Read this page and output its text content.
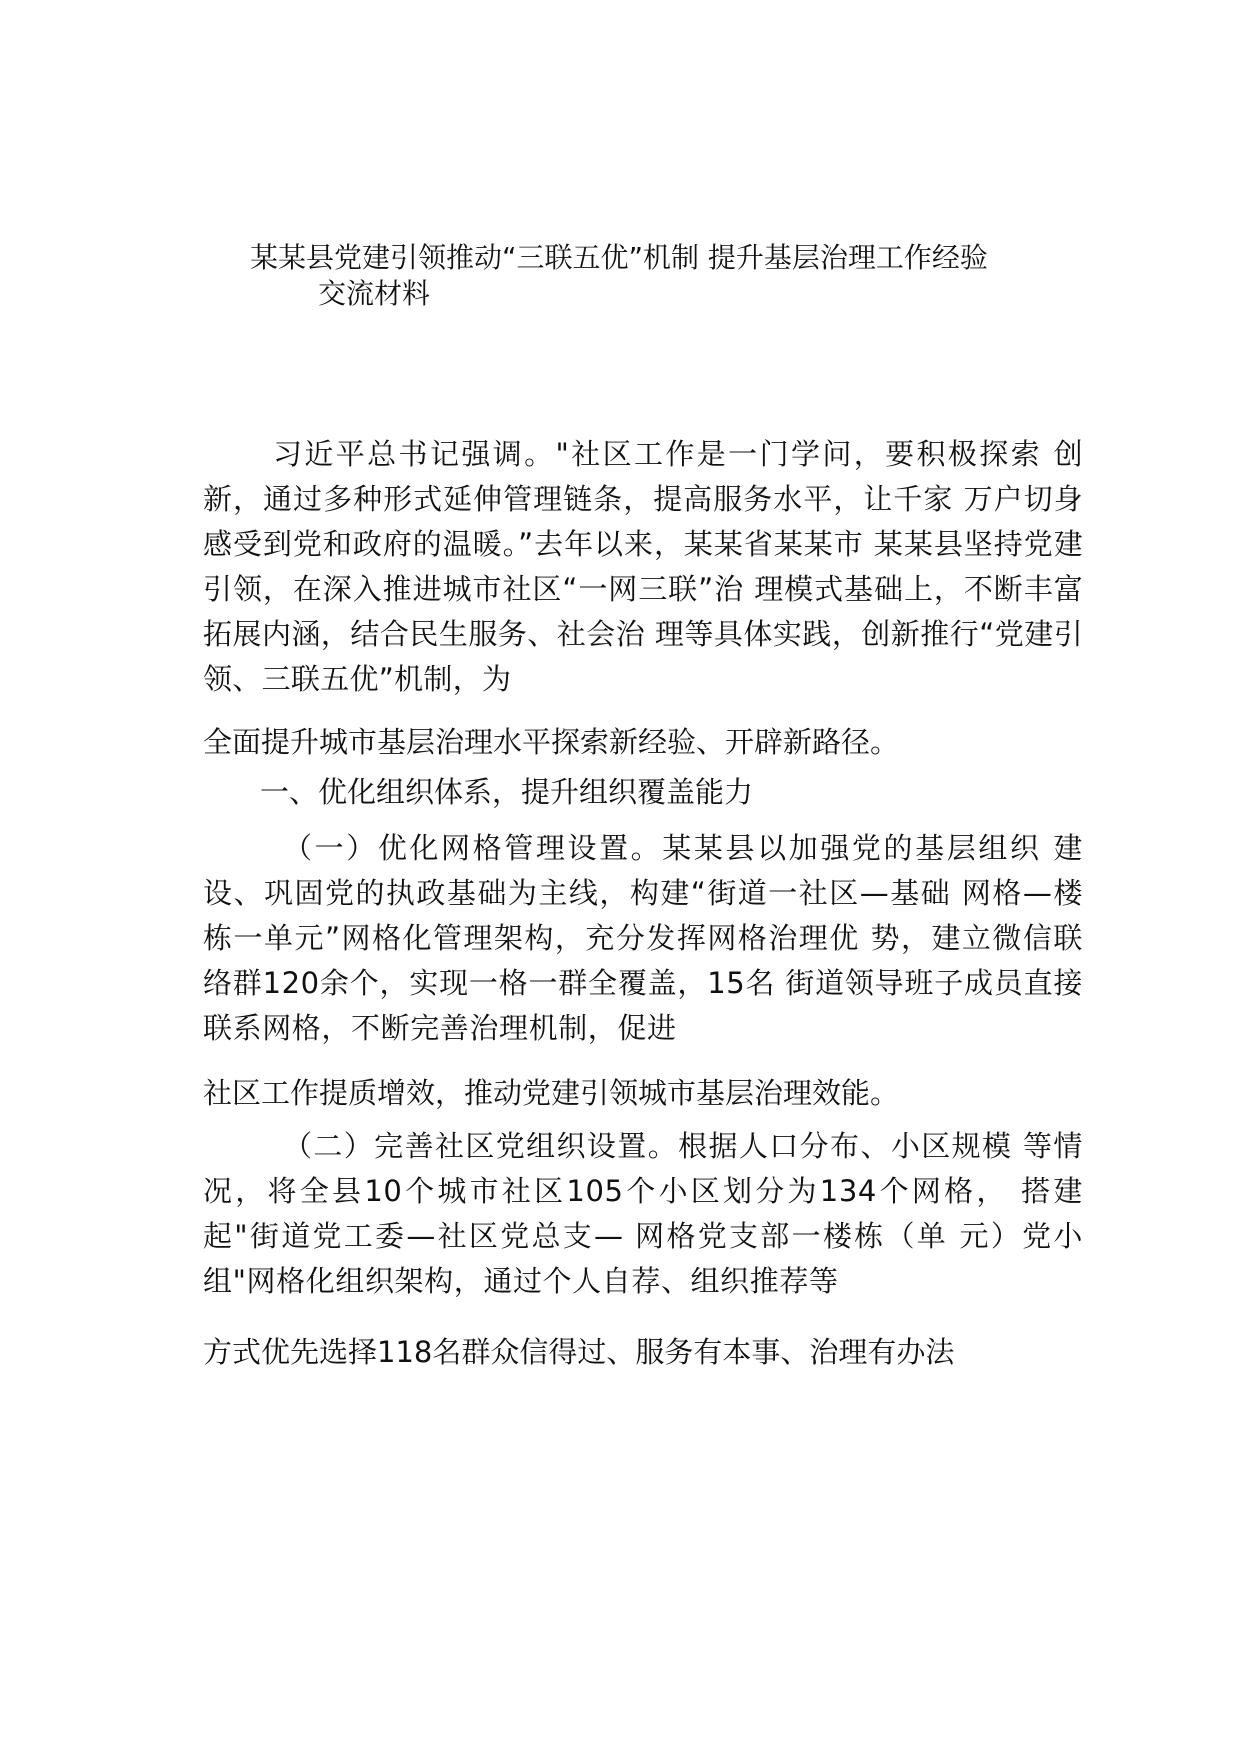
某某县党建引领推动“三联五优”机制 提升基层治理工作经验
交流材料

习近平总书记强调。"社区工作是一门学问，要积极探索 创新，通过多种形式延伸管理链条，提高服务水平，让千家 万户切身感受到党和政府的温暖。”去年以来，某某省某某市 某某县坚持党建引领，在深入推进城市社区“一网三联”治 理模式基础上，不断丰富拓展内涵，结合民生服务、社会治 理等具体实践，创新推行“党建引领、三联五优”机制，为

全面提升城市基层治理水平探索新经验、开辟新路径。

一、优化组织体系，提升组织覆盖能力

（一）优化网格管理设置。某某县以加强党的基层组织 建设、巩固党的执政基础为主线，构建“街道一社区—基础 网格—楼栋一单元”网格化管理架构，充分发挥网格治理优 势，建立微信联络群120余个，实现一格一群全覆盖，15名 街道领导班子成员直接联系网格，不断完善治理机制，促进

社区工作提质增效，推动党建引领城市基层治理效能。

（二）完善社区党组织设置。根据人口分布、小区规模 等情况，将全县10个城市社区105个小区划分为134个网格， 搭建起"街道党工委—社区党总支— 网格党支部一楼栋（单 元）党小组"网格化组织架构，通过个人自荐、组织推荐等

方式优先选择118名群众信得过、服务有本事、治理有办法
